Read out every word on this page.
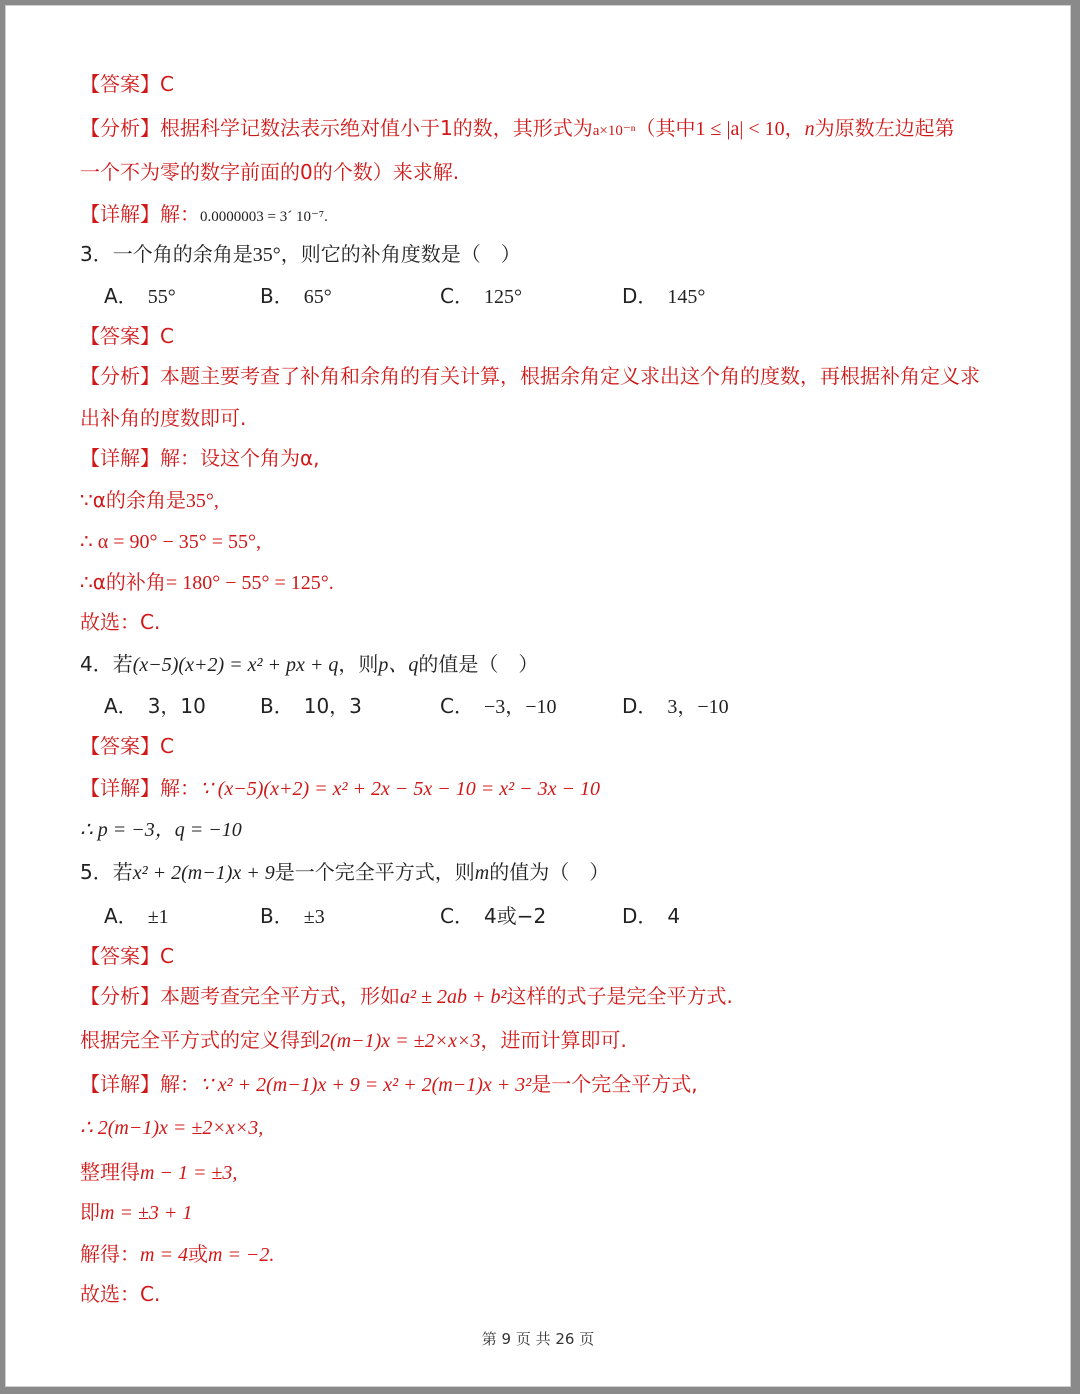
【答案】C
【分析】根据科学记数法表示绝对值小于1的数，其形式为a×10⁻ⁿ（其中1 ≤ |a| < 10，n为原数左边起第
一个不为零的数字前面的0的个数）来求解.
【详解】解：0.0000003 = 3´ 10⁻⁷.
3．一个角的余角是35°，则它的补角度数是（　）
A． 55°	B． 65°	C． 125°	D． 145°
【答案】C
【分析】本题主要考查了补角和余角的有关计算，根据余角定义求出这个角的度数，再根据补角定义求
出补角的度数即可.
【详解】解：设这个角为α,
∵α的余角是35°,
∴ α = 90° − 35° = 55°,
∴α的补角= 180° − 55° = 125°.
故选：C.
4．若(x−5)(x+2) = x² + px + q，则p、q的值是（　）
A． 3，10	B． 10，3	C． −3，−10	D． 3，−10
【答案】C
【详解】解：∵ (x−5)(x+2) = x² + 2x − 5x − 10 = x² − 3x − 10
∴ p = −3，q = −10
5．若x² + 2(m−1)x + 9是一个完全平方式，则m的值为（　）
A． ±1	B． ±3	C． 4或−2	D． 4
【答案】C
【分析】本题考查完全平方式，形如a² ± 2ab + b²这样的式子是完全平方式.
根据完全平方式的定义得到2(m−1)x = ±2×x×3，进而计算即可.
【详解】解：∵ x² + 2(m−1)x + 9 = x² + 2(m−1)x + 3²是一个完全平方式,
∴ 2(m−1)x = ±2×x×3,
整理得m − 1 = ±3,
即m = ±3 + 1
解得：m = 4或m = −2.
故选：C.
第 9 页 共 26 页
